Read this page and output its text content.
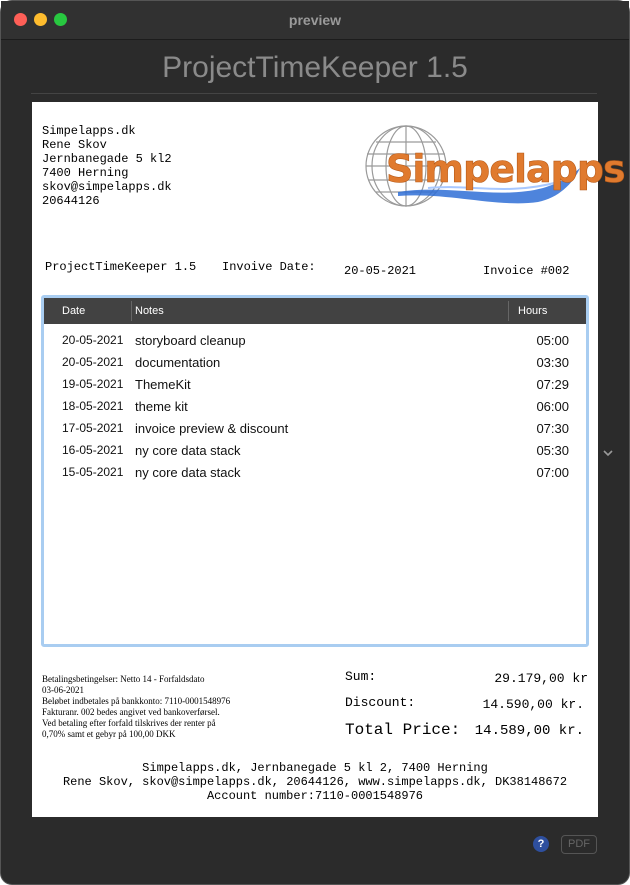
preview
ProjectTimeKeeper 1.5
Simpelapps.dk
Rene Skov
Jernbanegade 5 kl2
7400 Herning
skov@simpelapps.dk
20644126
Simpelapps
ProjectTimeKeeper 1.5 Invoive Date: 20-05-2021	Invoice #002
Date	Notes	Hours
20-05-2021 storyboard cleanup	05:00
20-05-2021 documentation	03:30
19-05-2021 ThemeKit	07:29
18-05-2021 theme kit	06:00
17-05-2021 invoice preview & discount	07:30
16-05-2021 ny core data stack	05:30
15-05-2021 ny core data stack	07:00
Betalingsbetingelser: Netto 14 - Forfaldsdato
03-06-2021
Beløbet indbetales på bankkonto: 7110-0001548976
Fakturanr. 002 bedes angivet ved bankoverførsel.
Ved betaling efter forfald tilskrives der renter på
0,70% samt et gebyr på 100,00 DKK
Sum:	29.179,00 kr
Discount:	14.590,00 kr.
Total Price: 14.589,00 kr.
Simpelapps.dk, Jernbanegade 5 kl 2, 7400 Herning
Rene Skov, skov@simpelapps.dk, 20644126, www.simpelapps.dk, DK38148672
Account number:7110-0001548976
?	PDF
